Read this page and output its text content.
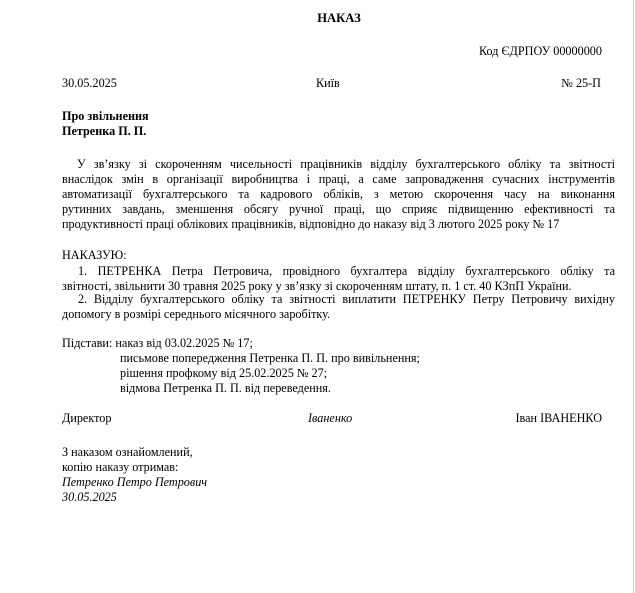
НАКАЗ
Код ЄДРПОУ 00000000
30.05.2025	Київ	№ 25-П
Про звільнення
Петренка П. П.
У зв’язку зі скороченням чисельності працівників відділу бухгалтерського обліку та звітності
внаслідок змін в організації виробництва і праці, а саме запровадження сучасних інструментів
автоматизації бухгалтерського та кадрового обліків, з метою скорочення часу на виконання
рутинних завдань, зменшення обсягу ручної праці, що сприяє підвищенню ефективності та
продуктивності праці облікових працівників, відповідно до наказу від 3 лютого 2025 року № 17
НАКАЗУЮ:
1. ПЕТРЕНКА Петра Петровича, провідного бухгалтера відділу бухгалтерського обліку та
звітності, звільнити 30 травня 2025 року у зв’язку зі скороченням штату, п. 1 ст. 40 КЗпП України.
2. Відділу бухгалтерського обліку та звітності виплатити ПЕТРЕНКУ Петру Петровичу вихідну
допомогу в розмірі середнього місячного заробітку.
Підстави: наказ від 03.02.2025 № 17;
письмове попередження Петренка П. П. про вивільнення;
рішення профкому від 25.02.2025 № 27;
відмова Петренка П. П. від переведення.
Директор	Іваненко	Іван ІВАНЕНКО
З наказом ознайомлений,
копію наказу отримав:
Петренко Петро Петрович
30.05.2025
